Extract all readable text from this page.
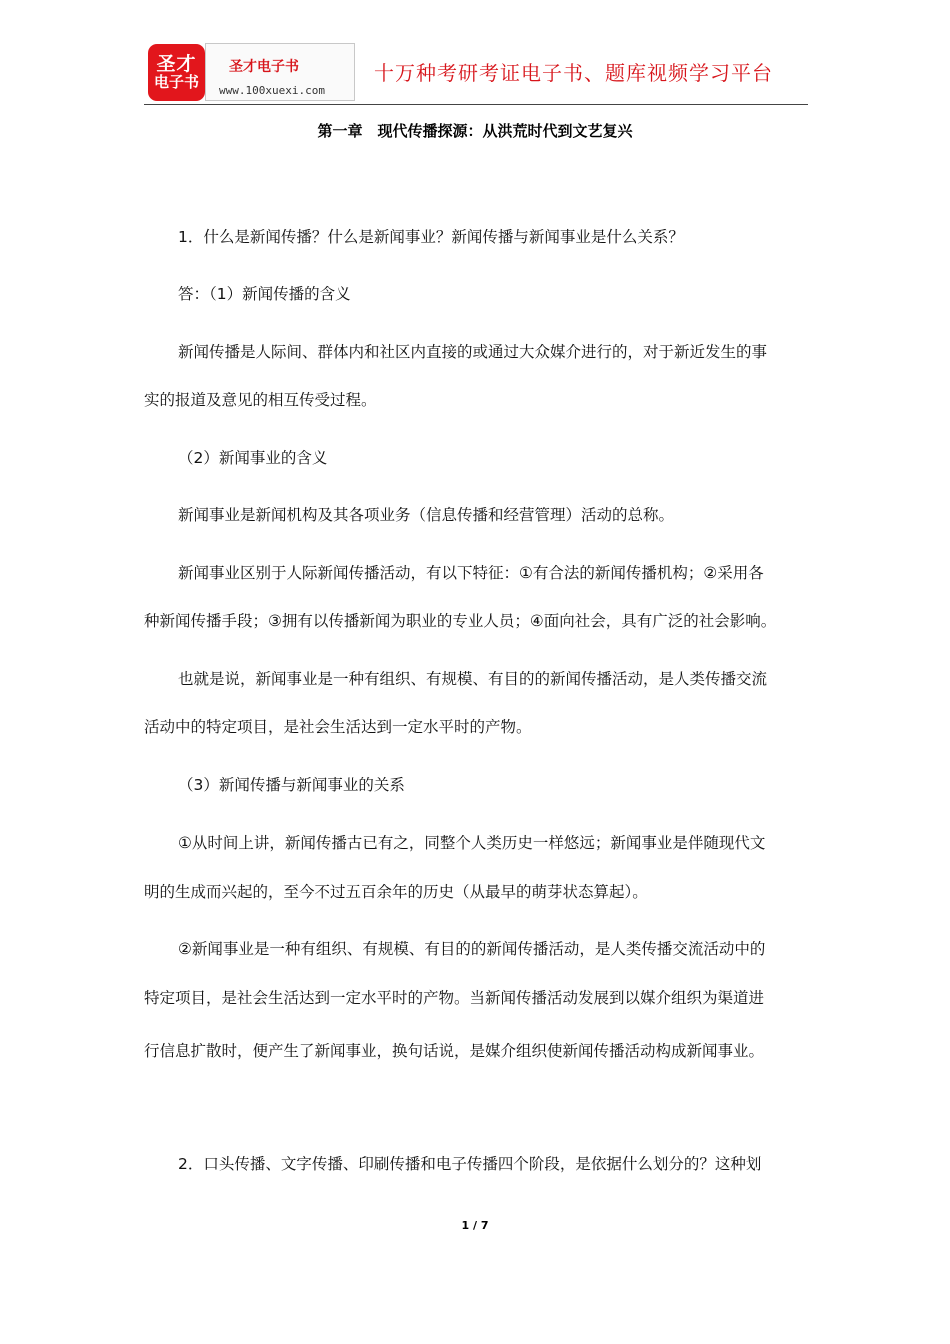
圣才
电子书
圣才电子书
www.100xuexi.com
十万种考研考证电子书、题库视频学习平台
第一章　现代传播探源：从洪荒时代到文艺复兴
1．什么是新闻传播？什么是新闻事业？新闻传播与新闻事业是什么关系？
答：（1）新闻传播的含义
新闻传播是人际间、群体内和社区内直接的或通过大众媒介进行的，对于新近发生的事
实的报道及意见的相互传受过程。
（2）新闻事业的含义
新闻事业是新闻机构及其各项业务（信息传播和经营管理）活动的总称。
新闻事业区别于人际新闻传播活动，有以下特征：①有合法的新闻传播机构；②采用各
种新闻传播手段；③拥有以传播新闻为职业的专业人员；④面向社会，具有广泛的社会影响。
也就是说，新闻事业是一种有组织、有规模、有目的的新闻传播活动，是人类传播交流
活动中的特定项目，是社会生活达到一定水平时的产物。
（3）新闻传播与新闻事业的关系
①从时间上讲，新闻传播古已有之，同整个人类历史一样悠远；新闻事业是伴随现代文
明的生成而兴起的，至今不过五百余年的历史（从最早的萌芽状态算起）。
②新闻事业是一种有组织、有规模、有目的的新闻传播活动，是人类传播交流活动中的
特定项目，是社会生活达到一定水平时的产物。当新闻传播活动发展到以媒介组织为渠道进
行信息扩散时，便产生了新闻事业，换句话说，是媒介组织使新闻传播活动构成新闻事业。
2．口头传播、文字传播、印刷传播和电子传播四个阶段，是依据什么划分的？这种划
1 / 7
